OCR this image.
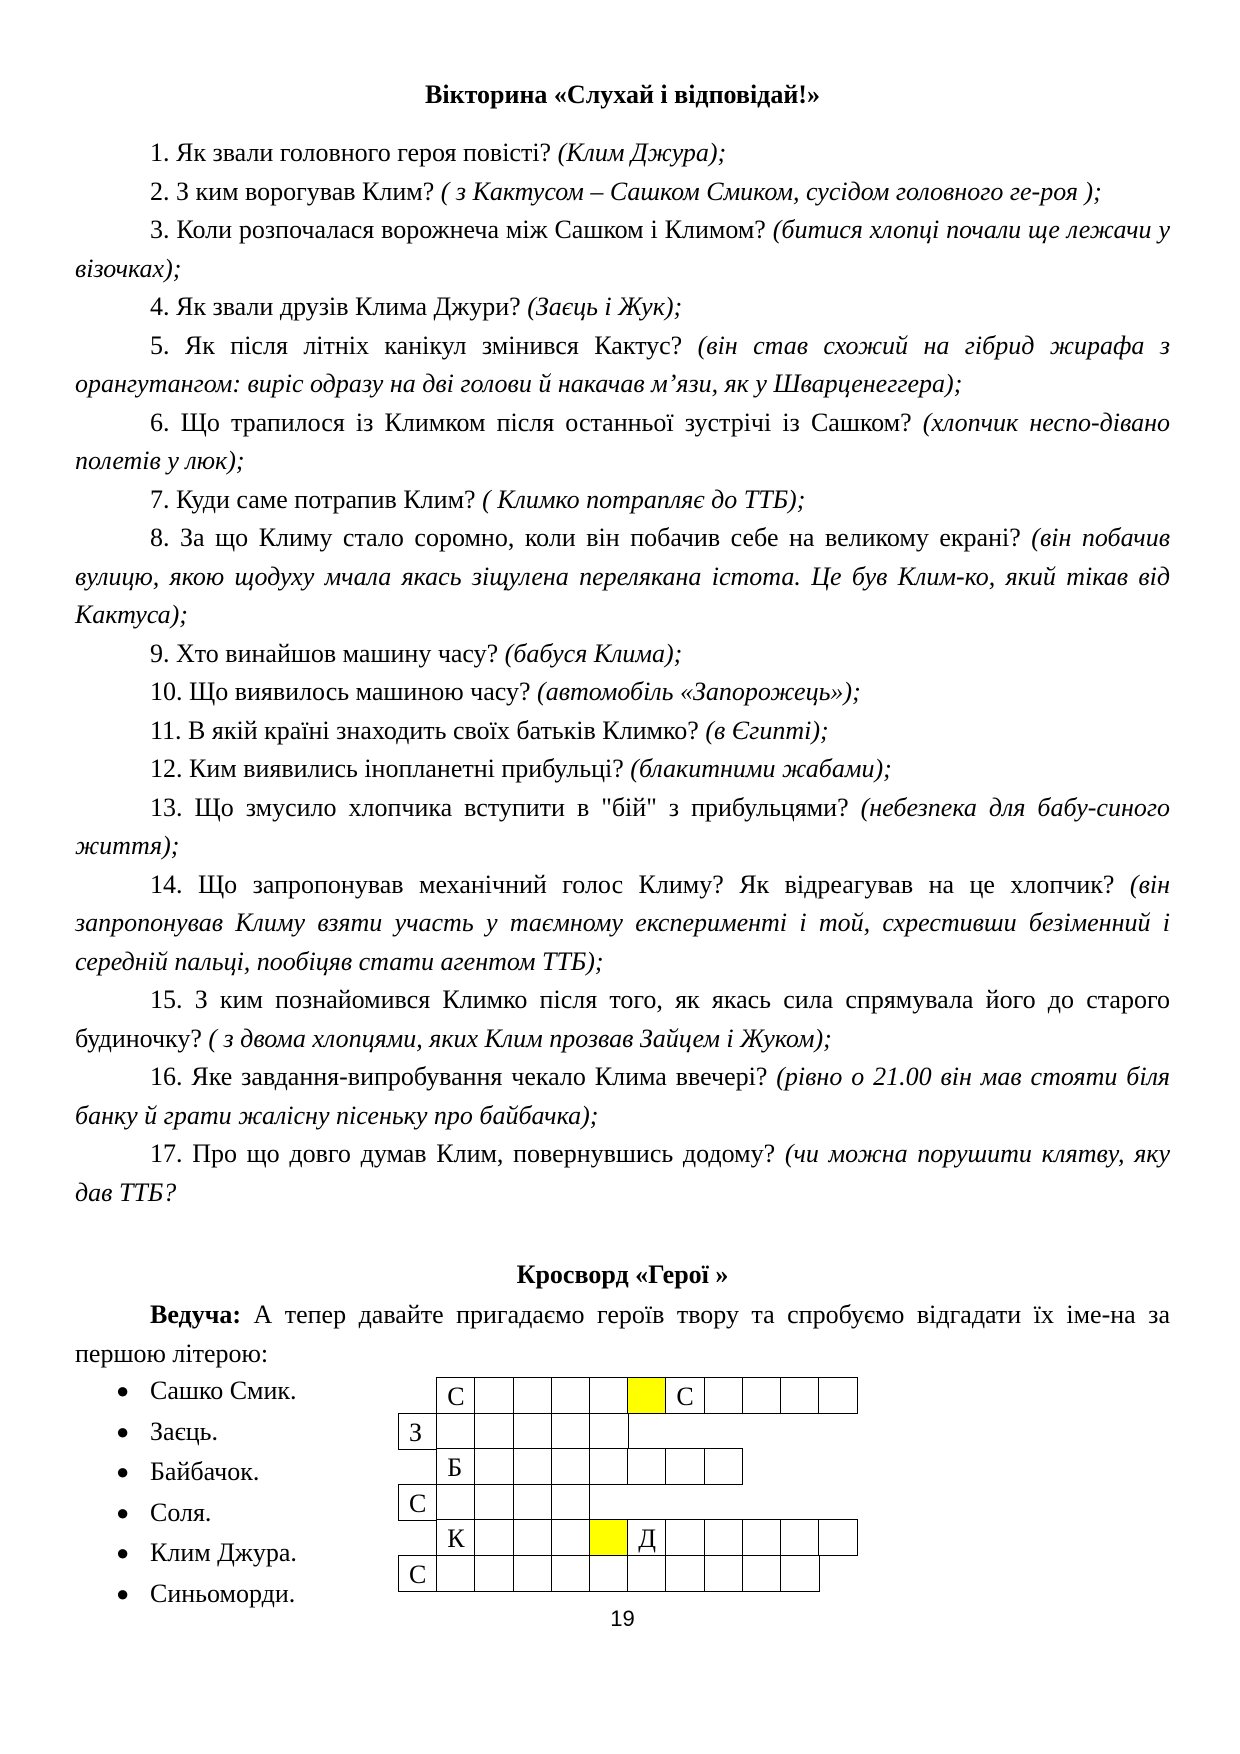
Вікторина «Слухай і відповідай!»

1. Як звали головного героя повісті? (Клим Джура);

2. З ким ворогував Клим? ( з Кактусом – Сашком Смиком, сусідом головного ге-роя );

3. Коли розпочалася ворожнеча між Сашком і Климом? (битися хлопці почали ще лежачи у візочках);

4. Як звали друзів Клима Джури? (Заєць і Жук);

5. Як після літніх канікул змінився Кактус? (він став схожий на гібрид жирафа з орангутангом: виріс одразу на дві голови й накачав м’язи, як у Шварценеггера);

6. Що трапилося із Климком після останньої зустрічі із Сашком? (хлопчик неспо-дівано полетів у люк);

7. Куди саме потрапив Клим? ( Климко потрапляє до ТТБ);

8. За що Климу стало соромно, коли він побачив себе на великому екрані? (він побачив вулицю, якою щодуху мчала якась зіщулена перелякана істота. Це був Клим-ко, який тікав від Кактуса);

9. Хто винайшов машину часу? (бабуся Клима);

10. Що виявилось машиною часу? (автомобіль «Запорожець»);

11. В якій країні знаходить своїх батьків Климко? (в Єгипті);

12. Ким виявились інопланетні прибульці? (блакитними жабами);

13. Що змусило хлопчика вступити в "бій" з прибульцями? (небезпека для бабу-синого життя);

14. Що запропонував механічний голос Климу? Як відреагував на це хлопчик? (він запропонував Климу взяти участь у таємному експерименті і той, схрестивши безіменний і середній пальці, пообіцяв стати агентом ТТБ);

15. З ким познайомився Климко після того, як якась сила спрямувала його до старого будиночку? ( з двома хлопцями, яких Клим прозвав Зайцем і Жуком);

16. Яке завдання-випробування чекало Клима ввечері? (рівно о 21.00 він мав стояти біля банку й грати жалісну пісеньку про байбачка);

17. Про що довго думав Клим, повернувшись додому? (чи можна порушити клятву, яку дав ТТБ?

Кросворд «Герої »

Ведуча: А тепер давайте пригадаємо героїв твору та спробуємо відгадати їх іме-на за першою літерою:

● Сашко Смик.
● Заєць.
● Байбачок.
● Соля.
● Клим Джура.
● Синьоморди.
С	С
З
Б
С
К	Д
С
19
